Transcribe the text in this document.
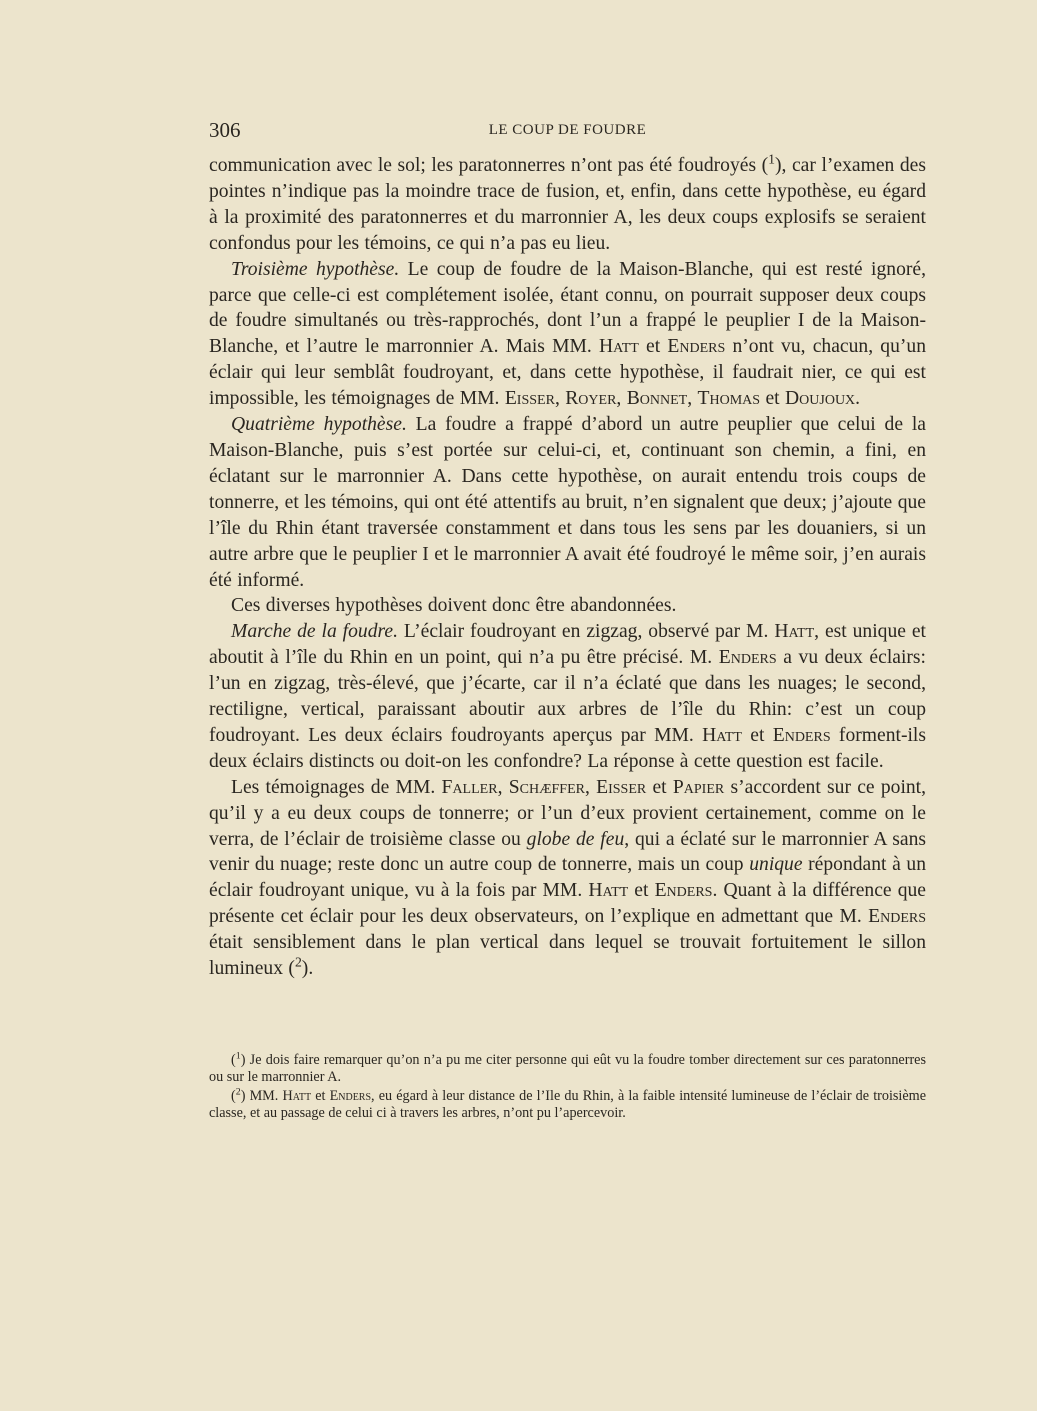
306	LE COUP DE FOUDRE

communication avec le sol; les paratonnerres n’ont pas été foudroyés ($^1$), car l’examen des pointes n’indique pas la moindre trace de fusion, et, enfin, dans cette hypothèse, eu égard à la proximité des paratonnerres et du marronnier A, les deux coups explosifs se seraient confondus pour les témoins, ce qui n’a pas eu lieu.

Troisième hypothèse. Le coup de foudre de la Maison-Blanche, qui est resté ignoré, parce que celle-ci est complétement isolée, étant connu, on pourrait supposer deux coups de foudre simultanés ou très-rapprochés, dont l’un a frappé le peuplier I de la Maison-Blanche, et l’autre le marronnier A. Mais MM. Hatt et Enders n’ont vu, chacun, qu’un éclair qui leur semblât foudroyant, et, dans cette hypothèse, il faudrait nier, ce qui est impossible, les témoignages de MM. Eisser, Royer, Bonnet, Thomas et Doujoux.

Quatrième hypothèse. La foudre a frappé d’abord un autre peuplier que celui de la Maison-Blanche, puis s’est portée sur celui-ci, et, continuant son chemin, a fini, en éclatant sur le marronnier A. Dans cette hypothèse, on aurait entendu trois coups de tonnerre, et les témoins, qui ont été attentifs au bruit, n’en signalent que deux; j’ajoute que l’île du Rhin étant traversée constamment et dans tous les sens par les douaniers, si un autre arbre que le peuplier I et le marronnier A avait été foudroyé le même soir, j’en aurais été informé.

Ces diverses hypothèses doivent donc être abandonnées.

Marche de la foudre. L’éclair foudroyant en zigzag, observé par M. Hatt, est unique et aboutit à l’île du Rhin en un point, qui n’a pu être précisé. M. Enders a vu deux éclairs: l’un en zigzag, très-élevé, que j’écarte, car il n’a éclaté que dans les nuages; le second, rectiligne, vertical, paraissant aboutir aux arbres de l’île du Rhin: c’est un coup foudroyant. Les deux éclairs foudroyants aperçus par MM. Hatt et Enders forment-ils deux éclairs distincts ou doit-on les confondre? La réponse à cette question est facile.

Les témoignages de MM. Faller, Schæffer, Eisser et Papier s’accordent sur ce point, qu’il y a eu deux coups de tonnerre; or l’un d’eux provient certainement, comme on le verra, de l’éclair de troisième classe ou globe de feu, qui a éclaté sur le marronnier A sans venir du nuage; reste donc un autre coup de tonnerre, mais un coup unique répondant à un éclair foudroyant unique, vu à la fois par MM. Hatt et Enders. Quant à la différence que présente cet éclair pour les deux observateurs, on l’explique en admettant que M. Enders était sensiblement dans le plan vertical dans lequel se trouvait fortuitement le sillon lumineux ($^2$).

($^1$) Je dois faire remarquer qu’on n’a pu me citer personne qui eût vu la foudre tomber directement sur ces paratonnerres ou sur le marronnier A.

($^2$) MM. Hatt et Enders, eu égard à leur distance de l’Ile du Rhin, à la faible intensité lumineuse de l’éclair de troisième classe, et au passage de celui ci à travers les arbres, n’ont pu l’apercevoir.
